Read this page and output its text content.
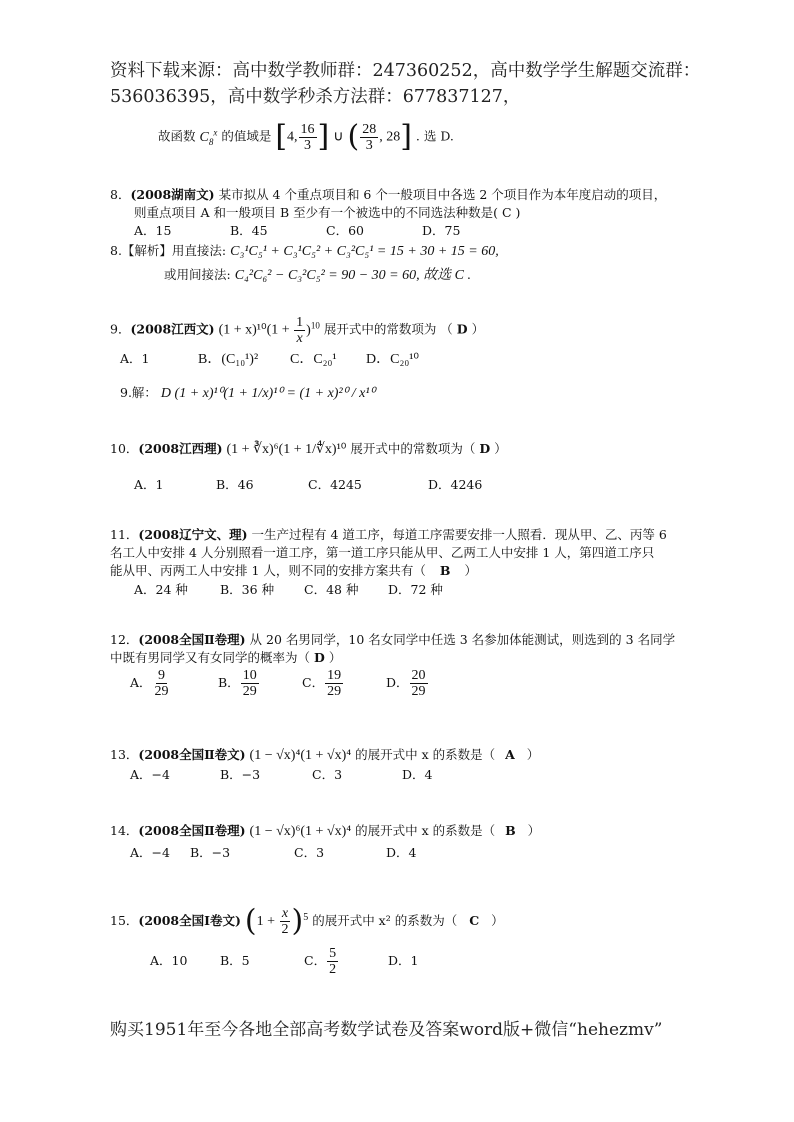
资料下载来源：高中数学教师群：247360252，高中数学学生解题交流群：
536036395，高中数学秒杀方法群：677837127，
故函数 $C_8^x$ 的值域是 [4, $\frac{16}{3}$ ] ∪ ( $\frac{28}{3}$ , 28] . 选 D.
8．(2008湖南文) 某市拟从 4 个重点项目和 6 个一般项目中各选 2 个项目作为本年度启动的项目，
则重点项目 A 和一般项目 B 至少有一个被选中的不同选法种数是( C )
A．15	B．45	C．60	D．75
8.【解析】用直接法: C₃¹C₅¹ + C₃¹C₅² + C₃²C₅¹ = 15 + 30 + 15 = 60,
或用间接法: C₄²C₆² − C₃²C₅² = 90 − 30 = 60, 故选 C .
9．(2008江西文) $(1 + x)^{10}(1 + \frac{1}{x} )^{10}$ 展开式中的常数项为 （ D ）
A．1	B．(C₁₀¹)² C．C₂₀¹ D．C₂₀¹⁰
9.解： D (1 + x)¹⁰(1 + 1/x)¹⁰ = (1 + x)²⁰ / x¹⁰
10．(2008江西理) (1 + ∛x)⁶(1 + 1/∜x)¹⁰ 展开式中的常数项为（ D ）
A．1	B．46	C．4245	D．4246
11．(2008辽宁文、理) 一生产过程有 4 道工序，每道工序需要安排一人照看．现从甲、乙、丙等 6
名工人中安排 4 人分别照看一道工序，第一道工序只能从甲、乙两工人中安排 1 人，第四道工序只
能从甲、丙两工人中安排 1 人，则不同的安排方案共有（ B ）
A．24 种	B．36 种 C．48 种 D．72 种
12．(2008全国Ⅱ卷理) 从 20 名男同学，10 名女同学中任选 3 名参加体能测试，则选到的 3 名同学
中既有男同学又有女同学的概率为（ D ）
A． $\frac{9}{29}$	B． $\frac{10}{29}$	C． $\frac{19}{29}$	D． $\frac{20}{29}$
13．(2008全国Ⅱ卷文) (1 − √x)⁴(1 + √x)⁴ 的展开式中 x 的系数是（ A ）
A．−4	B．−3	C．3	D．4
14．(2008全国Ⅱ卷理) (1 − √x)⁶(1 + √x)⁴ 的展开式中 x 的系数是（ B ）
A．−4 B．−3	C．3	D．4
15．(2008全国Ⅰ卷文) $(1 + \frac{x}{2} )^5$ 的展开式中 x² 的系数为（ C ）
A．10	B．5	C． $\frac{5}{2}$	D．1
购买1951年至今各地全部高考数学试卷及答案word版+微信“hehezmv”
